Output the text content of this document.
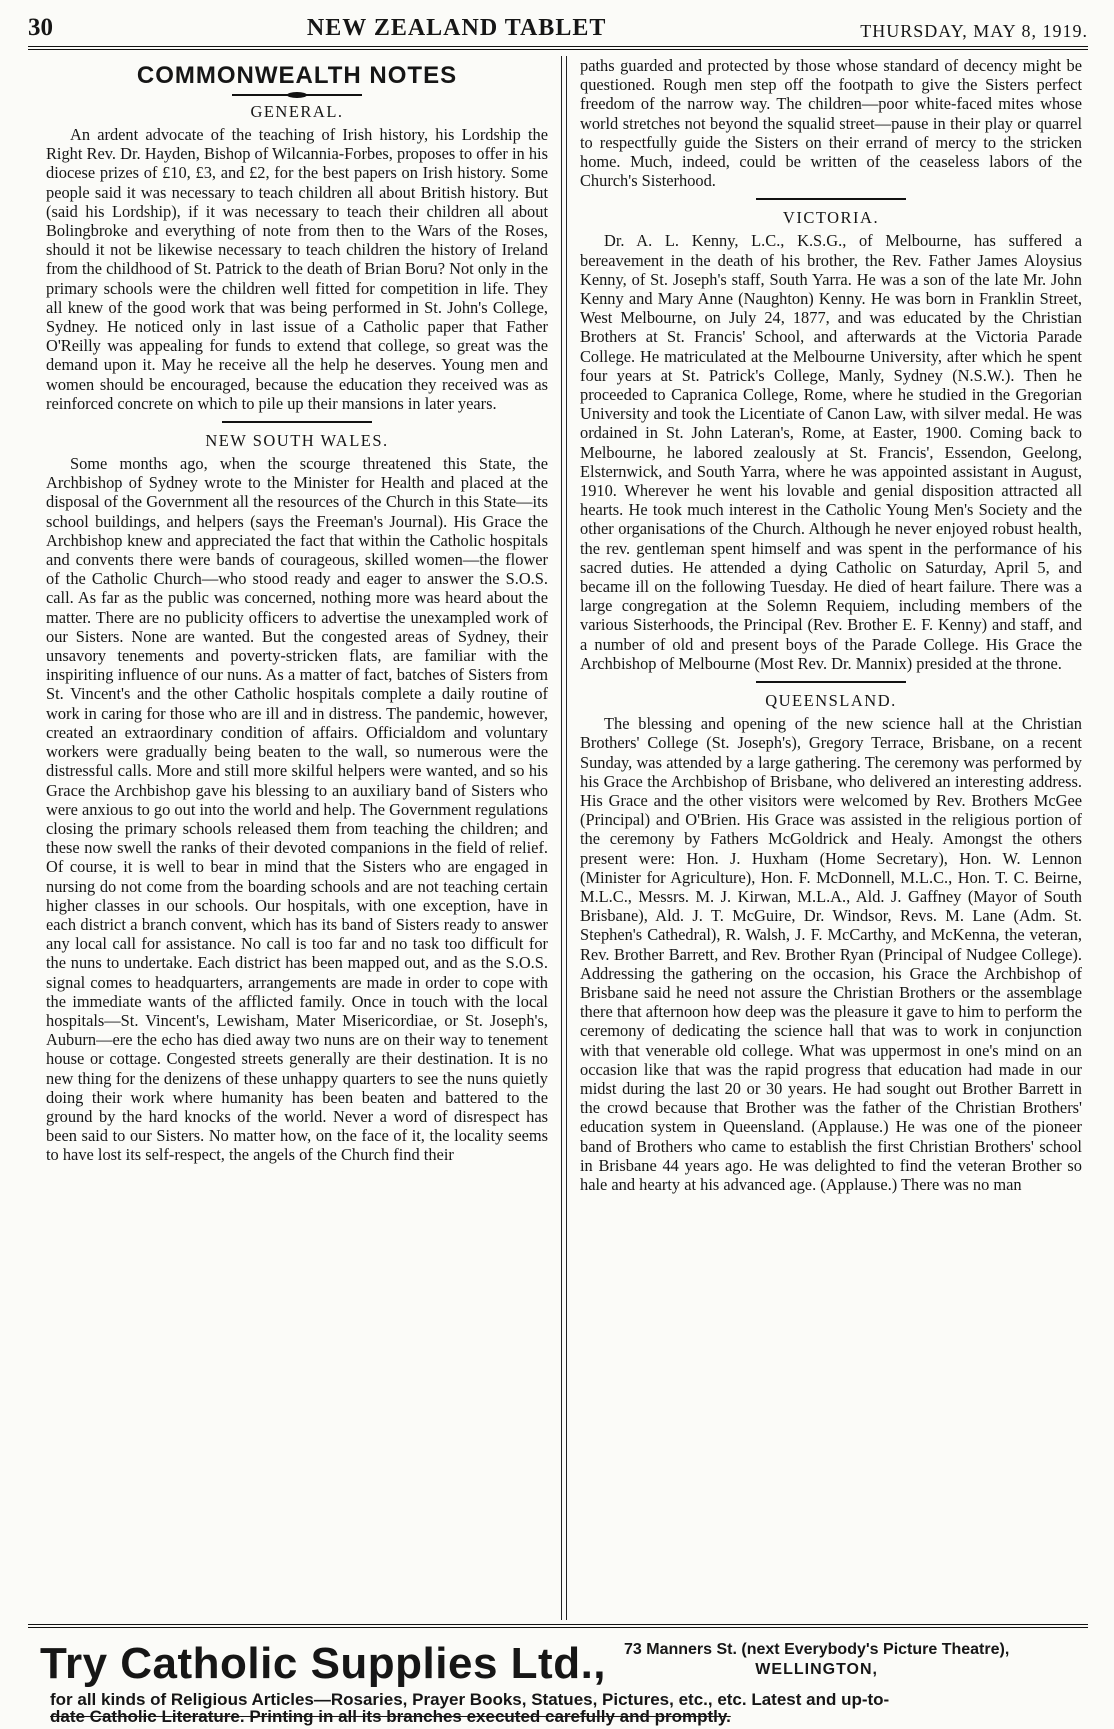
30	NEW ZEALAND TABLET	THURSDAY, MAY 8, 1919.
COMMONWEALTH NOTES
GENERAL.

An ardent advocate of the teaching of Irish history, his Lordship the Right Rev. Dr. Hayden, Bishop of Wilcannia-Forbes, proposes to offer in his diocese prizes of £10, £3, and £2, for the best papers on Irish history. Some people said it was necessary to teach children all about British history. But (said his Lordship), if it was necessary to teach their children all about Bolingbroke and everything of note from then to the Wars of the Roses, should it not be likewise necessary to teach children the history of Ireland from the childhood of St. Patrick to the death of Brian Boru? Not only in the primary schools were the children well fitted for competition in life. They all knew of the good work that was being performed in St. John's College, Sydney. He noticed only in last issue of a Catholic paper that Father O'Reilly was appealing for funds to extend that college, so great was the demand upon it. May he receive all the help he deserves. Young men and women should be encouraged, because the education they received was as reinforced concrete on which to pile up their mansions in later years.

NEW SOUTH WALES.

Some months ago, when the scourge threatened this State, the Archbishop of Sydney wrote to the Minister for Health and placed at the disposal of the Government all the resources of the Church in this State—its school buildings, and helpers (says the Freeman's Journal). His Grace the Archbishop knew and appreciated the fact that within the Catholic hospitals and convents there were bands of courageous, skilled women—the flower of the Catholic Church—who stood ready and eager to answer the S.O.S. call. As far as the public was concerned, nothing more was heard about the matter. There are no publicity officers to advertise the unexampled work of our Sisters. None are wanted. But the congested areas of Sydney, their unsavory tenements and poverty-stricken flats, are familiar with the inspiriting influence of our nuns. As a matter of fact, batches of Sisters from St. Vincent's and the other Catholic hospitals complete a daily routine of work in caring for those who are ill and in distress. The pandemic, however, created an extraordinary condition of affairs. Officialdom and voluntary workers were gradually being beaten to the wall, so numerous were the distressful calls. More and still more skilful helpers were wanted, and so his Grace the Archbishop gave his blessing to an auxiliary band of Sisters who were anxious to go out into the world and help. The Government regulations closing the primary schools released them from teaching the children; and these now swell the ranks of their devoted companions in the field of relief. Of course, it is well to bear in mind that the Sisters who are engaged in nursing do not come from the boarding schools and are not teaching certain higher classes in our schools. Our hospitals, with one exception, have in each district a branch convent, which has its band of Sisters ready to answer any local call for assistance. No call is too far and no task too difficult for the nuns to undertake. Each district has been mapped out, and as the S.O.S. signal comes to headquarters, arrangements are made in order to cope with the immediate wants of the afflicted family. Once in touch with the local hospitals—St. Vincent's, Lewisham, Mater Misericordiae, or St. Joseph's, Auburn—ere the echo has died away two nuns are on their way to tenement house or cottage. Congested streets generally are their destination. It is no new thing for the denizens of these unhappy quarters to see the nuns quietly doing their work where humanity has been beaten and battered to the ground by the hard knocks of the world. Never a word of disrespect has been said to our Sisters. No matter how, on the face of it, the locality seems to have lost its self-respect, the angels of the Church find their

paths guarded and protected by those whose standard of decency might be questioned. Rough men step off the footpath to give the Sisters perfect freedom of the narrow way. The children—poor white-faced mites whose world stretches not beyond the squalid street—pause in their play or quarrel to respectfully guide the Sisters on their errand of mercy to the stricken home. Much, indeed, could be written of the ceaseless labors of the Church's Sisterhood.

VICTORIA.

Dr. A. L. Kenny, L.C., K.S.G., of Melbourne, has suffered a bereavement in the death of his brother, the Rev. Father James Aloysius Kenny, of St. Joseph's staff, South Yarra. He was a son of the late Mr. John Kenny and Mary Anne (Naughton) Kenny. He was born in Franklin Street, West Melbourne, on July 24, 1877, and was educated by the Christian Brothers at St. Francis' School, and afterwards at the Victoria Parade College. He matriculated at the Melbourne University, after which he spent four years at St. Patrick's College, Manly, Sydney (N.S.W.). Then he proceeded to Capranica College, Rome, where he studied in the Gregorian University and took the Licentiate of Canon Law, with silver medal. He was ordained in St. John Lateran's, Rome, at Easter, 1900. Coming back to Melbourne, he labored zealously at St. Francis', Essendon, Geelong, Elsternwick, and South Yarra, where he was appointed assistant in August, 1910. Wherever he went his lovable and genial disposition attracted all hearts. He took much interest in the Catholic Young Men's Society and the other organisations of the Church. Although he never enjoyed robust health, the rev. gentleman spent himself and was spent in the performance of his sacred duties. He attended a dying Catholic on Saturday, April 5, and became ill on the following Tuesday. He died of heart failure. There was a large congregation at the Solemn Requiem, including members of the various Sisterhoods, the Principal (Rev. Brother E. F. Kenny) and staff, and a number of old and present boys of the Parade College. His Grace the Archbishop of Melbourne (Most Rev. Dr. Mannix) presided at the throne.

QUEENSLAND.

The blessing and opening of the new science hall at the Christian Brothers' College (St. Joseph's), Gregory Terrace, Brisbane, on a recent Sunday, was attended by a large gathering. The ceremony was performed by his Grace the Archbishop of Brisbane, who delivered an interesting address. His Grace and the other visitors were welcomed by Rev. Brothers McGee (Principal) and O'Brien. His Grace was assisted in the religious portion of the ceremony by Fathers McGoldrick and Healy. Amongst the others present were: Hon. J. Huxham (Home Secretary), Hon. W. Lennon (Minister for Agriculture), Hon. F. McDonnell, M.L.C., Hon. T. C. Beirne, M.L.C., Messrs. M. J. Kirwan, M.L.A., Ald. J. Gaffney (Mayor of South Brisbane), Ald. J. T. McGuire, Dr. Windsor, Revs. M. Lane (Adm. St. Stephen's Cathedral), R. Walsh, J. F. McCarthy, and McKenna, the veteran, Rev. Brother Barrett, and Rev. Brother Ryan (Principal of Nudgee College). Addressing the gathering on the occasion, his Grace the Archbishop of Brisbane said he need not assure the Christian Brothers or the assemblage there that afternoon how deep was the pleasure it gave to him to perform the ceremony of dedicating the science hall that was to work in conjunction with that venerable old college. What was uppermost in one's mind on an occasion like that was the rapid progress that education had made in our midst during the last 20 or 30 years. He had sought out Brother Barrett in the crowd because that Brother was the father of the Christian Brothers' education system in Queensland. (Applause.) He was one of the pioneer band of Brothers who came to establish the first Christian Brothers' school in Brisbane 44 years ago. He was delighted to find the veteran Brother so hale and hearty at his advanced age. (Applause.) There was no man

Try Catholic Supplies Ltd., 73 Manners St. (next Everybody's Picture Theatre),
WELLINGTON,
for all kinds of Religious Articles—Rosaries, Prayer Books, Statues, Pictures, etc., etc. Latest and up-to-
date Catholic Literature. Printing in all its branches executed carefully and promptly.
